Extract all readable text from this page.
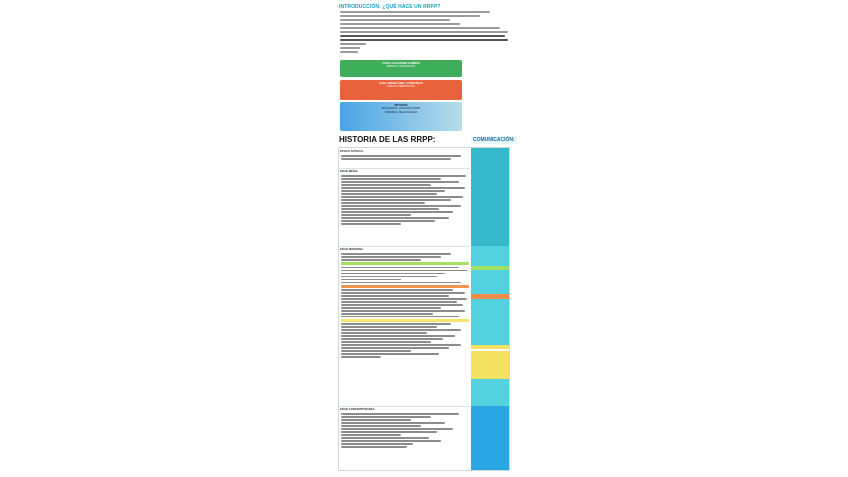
INTRODUCCIÓN: ¿QUÉ HACE UN RRPP?
CASO: ALEXANDER HAMMER
MATEOS Y MARGARITAS
CASO: MISCELÁNEA / ESPECÍFICO
PUBLICO PREPARATIVO
MÉTODOS
PROGRAMAS • PROCESOS RRPP
NOMBRES • RELACIONALES
HISTORIA DE LAS RRPP:	COMUNICACIÓN:
ÉPOCA ANTIGUA
EDAD MEDIA
EDAD MODERNA
EDAD CONTEMPORÁNEA
